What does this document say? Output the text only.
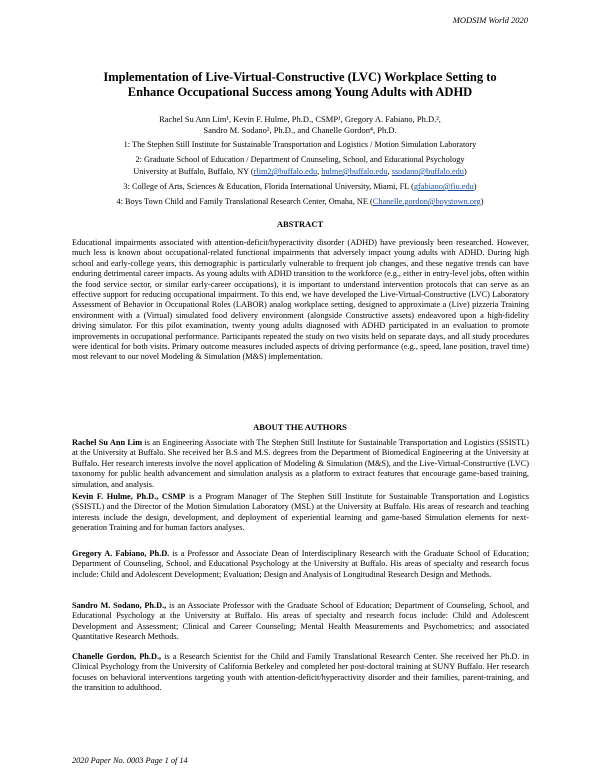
MODSIM World 2020
Implementation of Live-Virtual-Constructive (LVC) Workplace Setting to
Enhance Occupational Success among Young Adults with ADHD
Rachel Su Ann Lim¹, Kevin F. Hulme, Ph.D., CSMP¹, Gregory A. Fabiano, Ph.D.²,
Sandro M. Sodano², Ph.D., and Chanelle Gordon⁴, Ph.D.
1: The Stephen Still Institute for Sustainable Transportation and Logistics / Motion Simulation Laboratory
2: Graduate School of Education / Department of Counseling, School, and Educational Psychology
University at Buffalo, Buffalo, NY (rlim2@buffalo.edu, hulme@buffalo.edu, ssodano@buffalo.edu)
3: College of Arts, Sciences & Education, Florida International University, Miami, FL (gfabiano@fiu.edu)
4: Boys Town Child and Family Translational Research Center, Omaha, NE (Chanelle.gordon@boystown.org)
ABSTRACT
Educational impairments associated with attention-deficit/hyperactivity disorder (ADHD) have previously been researched. However, much less is known about occupational-related functional impairments that adversely impact young adults with ADHD. During high school and early-college years, this demographic is particularly vulnerable to frequent job changes, and these negative trends can have enduring detrimental career impacts. As young adults with ADHD transition to the workforce (e.g., either in entry-level jobs, often within the food service sector, or similar early-career occupations), it is important to understand intervention protocols that can serve as an effective support for reducing occupational impairment. To this end, we have developed the Live-Virtual-Constructive (LVC) Laboratory Assessment of Behavior in Occupational Roles (LABOR) analog workplace setting, designed to approximate a (Live) pizzeria Training environment with a (Virtual) simulated food delivery environment (alongside Constructive assets) endeavored upon a high-fidelity driving simulator. For this pilot examination, twenty young adults diagnosed with ADHD participated in an evaluation to promote improvements in occupational performance. Participants repeated the study on two visits held on separate days, and all study procedures were identical for both visits. Primary outcome measures included aspects of driving performance (e.g., speed, lane position, travel time) most relevant to our novel Modeling & Simulation (M&S) implementation.
ABOUT THE AUTHORS
Rachel Su Ann Lim is an Engineering Associate with The Stephen Still Institute for Sustainable Transportation and Logistics (SSISTL) at the University at Buffalo. She received her B.S and M.S. degrees from the Department of Biomedical Engineering at the University at Buffalo. Her research interests involve the novel application of Modeling & Simulation (M&S), and the Live-Virtual-Constructive (LVC) taxonomy for public health advancement and simulation analysis as a platform to extract features that encourage game-based training, simulation, and analysis.
Kevin F. Hulme, Ph.D., CSMP is a Program Manager of The Stephen Still Institute for Sustainable Transportation and Logistics (SSISTL) and the Director of the Motion Simulation Laboratory (MSL) at the University at Buffalo. His areas of research and teaching interests include the design, development, and deployment of experiential learning and game-based Simulation elements for next-generation Training and for human factors analyses.
Gregory A. Fabiano, Ph.D. is a Professor and Associate Dean of Interdisciplinary Research with the Graduate School of Education; Department of Counseling, School, and Educational Psychology at the University at Buffalo. His areas of specialty and research focus include: Child and Adolescent Development; Evaluation; Design and Analysis of Longitudinal Research Design and Methods.
Sandro M. Sodano, Ph.D., is an Associate Professor with the Graduate School of Education; Department of Counseling, School, and Educational Psychology at the University at Buffalo. His areas of specialty and research focus include: Child and Adolescent Development and Assessment; Clinical and Career Counseling; Mental Health Measurements and Psychometrics; and associated Quantitative Research Methods.
Chanelle Gordon, Ph.D., is a Research Scientist for the Child and Family Translational Research Center. She received her Ph.D. in Clinical Psychology from the University of California Berkeley and completed her post-doctoral training at SUNY Buffalo. Her research focuses on behavioral interventions targeting youth with attention-deficit/hyperactivity disorder and their families, parent-training, and the transition to adulthood.
2020 Paper No. 0003 Page 1 of 14
